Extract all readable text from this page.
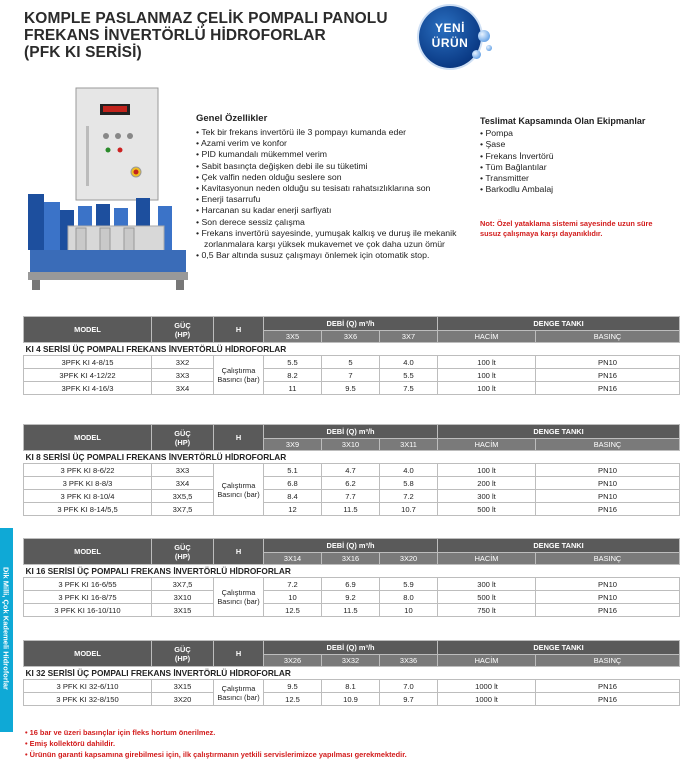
KOMPLE PASLANMAZ ÇELİK POMPALI PANOLU
FREKANS İNVERTÖRLÜ HİDROFORLAR
(PFK KI SERİSİ)
YENİ
ÜRÜN
Genel Özellikler
• Tek bir frekans invertörü ile 3 pompayı kumanda eder
• Azami verim ve konfor
• PID kumandalı mükemmel verim
• Sabit basınçta değişken debi ile su tüketimi
• Çek valfin neden olduğu seslere son
• Kavitasyonun neden olduğu su tesisatı rahatsızlıklarına son
• Enerji tasarrufu
• Harcanan su kadar enerji sarfiyatı
• Son derece sessiz çalışma
• Frekans invertörü sayesinde, yumuşak kalkış ve duruş ile mekanik zorlanmalara karşı yüksek mukavemet ve çok daha uzun ömür
• 0,5 Bar altında susuz çalışmayı önlemek için otomatik stop.
Teslimat Kapsamında Olan Ekipmanlar
• Pompa
• Şase
• Frekans İnvertörü
• Tüm Bağlantılar
• Transmitter
• Barkodlu Ambalaj
Not: Özel yataklama sistemi sayesinde uzun süre susuz çalışmaya karşı dayanıklıdır.
Dik Milli, Çok Kademeli Hidroforlar
MODEL	GÜÇ
(HP)	H	DEBİ (Q) m³/h			DENGE TANKI	
			3X5	3X6	3X7	HACİM	BASINÇ
KI 4 SERİSİ ÜÇ POMPALI FREKANS İNVERTÖRLÜ HİDROFORLAR							
3PFK KI 4-8/15	3X2	Çalıştırma Basıncı (bar)	5.5	5	4.0	100 lt	PN10
3PFK KI 4-12/22	3X3		8.2	7	5.5	100 lt	PN16
3PFK KI 4-16/3	3X4		11	9.5	7.5	100 lt	PN16
MODEL	GÜÇ
(HP)	H	DEBİ (Q) m³/h			DENGE TANKI	
			3X9	3X10	3X11	HACİM	BASINÇ
KI 8 SERİSİ ÜÇ POMPALI FREKANS İNVERTÖRLÜ HİDROFORLAR							
3 PFK KI 8-6/22	3X3	Çalıştırma Basıncı (bar)	5.1	4.7	4.0	100 lt	PN10
3 PFK KI 8-8/3	3X4		6.8	6.2	5.8	200 lt	PN10
3 PFK KI 8-10/4	3X5,5		8.4	7.7	7.2	300 lt	PN10
3 PFK KI 8-14/5,5	3X7,5		12	11.5	10.7	500 lt	PN16
MODEL	GÜÇ
(HP)	H	DEBİ (Q) m³/h			DENGE TANKI	
			3X14	3X16	3X20	HACİM	BASINÇ
KI 16 SERİSİ ÜÇ POMPALI FREKANS İNVERTÖRLÜ HİDROFORLAR							
3 PFK KI 16-6/55	3X7,5	Çalıştırma Basıncı (bar)	7.2	6.9	5.9	300 lt	PN10
3 PFK KI 16-8/75	3X10		10	9.2	8.0	500 lt	PN10
3 PFK KI 16-10/110	3X15		12.5	11.5	10	750 lt	PN16
MODEL	GÜÇ
(HP)	H	DEBİ (Q) m³/h			DENGE TANKI	
			3X26	3X32	3X36	HACİM	BASINÇ
KI 32 SERİSİ ÜÇ POMPALI FREKANS İNVERTÖRLÜ HİDROFORLAR							
3 PFK KI 32-6/110	3X15	Çalıştırma Basıncı (bar)	9.5	8.1	7.0	1000 lt	PN16
3 PFK KI 32-8/150	3X20		12.5	10.9	9.7	1000 lt	PN16
• 16 bar ve üzeri basınçlar için fleks hortum önerilmez.
• Emiş kollektörü dahildir.
• Ürünün garanti kapsamına girebilmesi için, ilk çalıştırmanın yetkili servislerimizce yapılması gerekmektedir.
